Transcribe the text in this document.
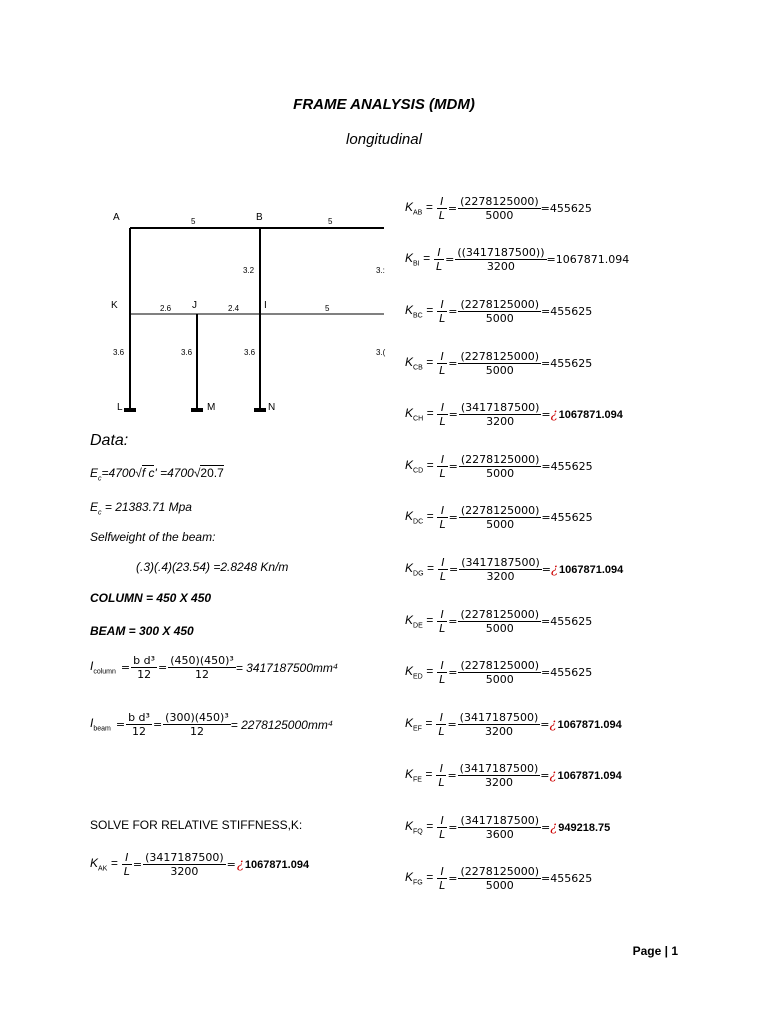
FRAME ANALYSIS (MDM)
longitudinal
A	B
K	J	I
L	M	N
5	5
3.2	3.:
2.6	2.4	5
3.6	3.6	3.6	3.(
Data:
$E_c=4700√f$ c' =4700√20.7
$E_c = 21383.71$ Mpa
Selfweight of the beam:
(.3)(.4)(23.54) =2.8248 Kn/m
COLUMN = 450 X 450
BEAM = 300 X 450
$I_{column} = \frac{\text{b d³}}{12} = \frac{\text{(450)(450)³}}{12} = 3417187500mm^4$
$I_{beam} = \frac{\text{b d³}}{12} = \frac{\text{(300)(450)³}}{12} = 2278125000mm^4$
SOLVE FOR RELATIVE STIFFNESS,K:
$K_{AK} = \frac{I}{L} = \frac{(3417187500)}{3200}$ = ¿ 1067871.094
$K_{AB} = \frac{I}{L} = \frac{(2278125000)}{5000} =455625$
$K_{BI} = \frac{I}{L} = \frac{((3417187500))}{3200} =1067871.094$
$K_{BC} = \frac{I}{L} = \frac{(2278125000)}{5000} =455625$
$K_{CB} = \frac{I}{L} = \frac{(2278125000)}{5000} =455625$
$K_{CH} = \frac{I}{L} = \frac{(3417187500)}{3200}$ = ¿ 1067871.094
$K_{CD} = \frac{I}{L} = \frac{(2278125000)}{5000} =455625$
$K_{DC} = \frac{I}{L} = \frac{(2278125000)}{5000} =455625$
$K_{DG} = \frac{I}{L} = \frac{(3417187500)}{3200}$ = ¿ 1067871.094
$K_{DE} = \frac{I}{L} = \frac{(2278125000)}{5000} =455625$
$K_{ED} = \frac{I}{L} = \frac{(2278125000)}{5000} =455625$
$K_{EF} = \frac{I}{L} = \frac{(3417187500)}{3200}$ = ¿ 1067871.094
$K_{FE} = \frac{I}{L} = \frac{(3417187500)}{3200}$ = ¿ 1067871.094
$K_{FQ} = \frac{I}{L} = \frac{(3417187500)}{3600}$ = ¿ 949218.75
$K_{FG} = \frac{I}{L} = \frac{(2278125000)}{5000} =455625$
Page | 1
